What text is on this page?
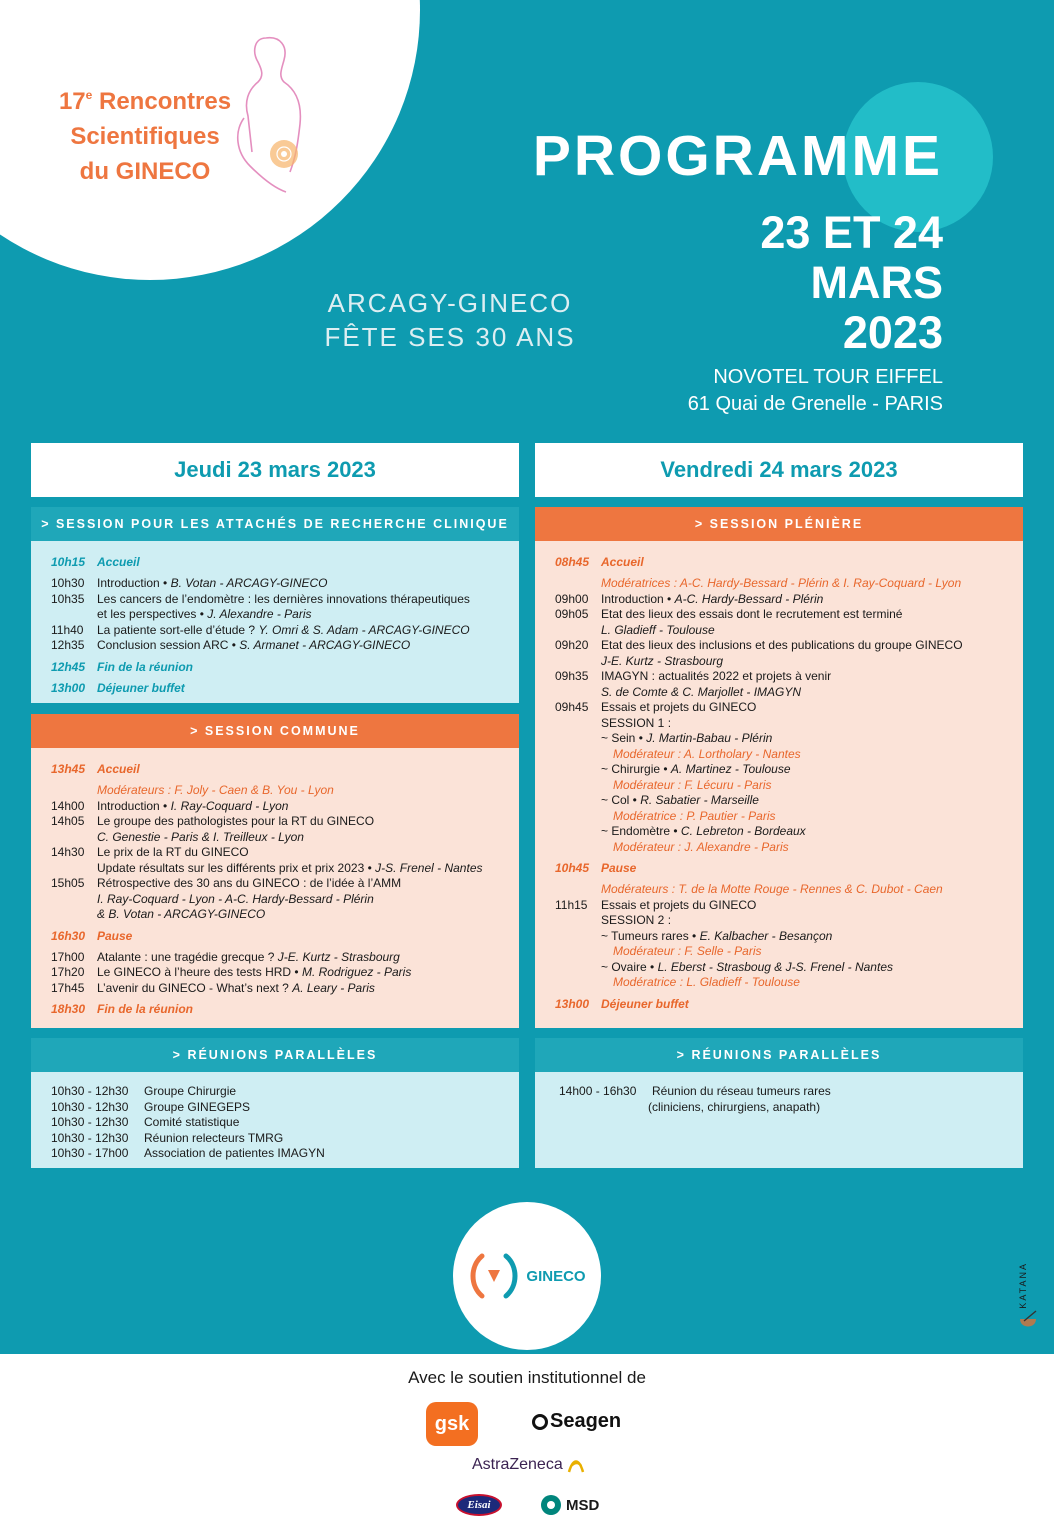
17e Rencontres
Scientifiques
du GINECO	PROGRAMME
23 ET 24
MARS
2023
NOVOTEL TOUR EIFFEL
61 Quai de Grenelle - PARIS
ARCAGY-GINECO
FÊTE SES 30 ANS
Jeudi 23 mars 2023	Vendredi 24 mars 2023
> SESSION POUR LES ATTACHÉS DE RECHERCHE CLINIQUE
10h15 Accueil
10h30	Introduction • B. Votan - ARCAGY-GINECO
10h35	Les cancers de l’endomètre : les dernières innovations thérapeutiques
et les perspectives • J. Alexandre - Paris
11h40	La patiente sort-elle d’étude ? Y. Omri & S. Adam - ARCAGY-GINECO
12h35	Conclusion session ARC • S. Armanet - ARCAGY-GINECO
12h45 Fin de la réunion
13h00 Déjeuner buffet
> SESSION COMMUNE
13h45 Accueil
Modérateurs : F. Joly - Caen & B. You - Lyon
14h00	Introduction • I. Ray-Coquard - Lyon
14h05	Le groupe des pathologistes pour la RT du GINECO
C. Genestie - Paris & I. Treilleux - Lyon
14h30	Le prix de la RT du GINECO
Update résultats sur les différents prix et prix 2023 • J-S. Frenel - Nantes
15h05	Rétrospective des 30 ans du GINECO : de l’idée à l’AMM
I. Ray-Coquard - Lyon - A-C. Hardy-Bessard - Plérin
& B. Votan - ARCAGY-GINECO
16h30 Pause
17h00	Atalante : une tragédie grecque ? J-E. Kurtz - Strasbourg
17h20	Le GINECO à l’heure des tests HRD • M. Rodriguez - Paris
17h45	L’avenir du GINECO - What’s next ? A. Leary - Paris
18h30 Fin de la réunion
> SESSION PLÉNIÈRE
08h45 Accueil
Modératrices : A-C. Hardy-Bessard - Plérin & I. Ray-Coquard - Lyon
09h00	Introduction • A-C. Hardy-Bessard - Plérin
09h05	Etat des lieux des essais dont le recrutement est terminé
L. Gladieff - Toulouse
09h20	Etat des lieux des inclusions et des publications du groupe GINECO
J-E. Kurtz - Strasbourg
09h35	IMAGYN : actualités 2022 et projets à venir
S. de Comte & C. Marjollet - IMAGYN
09h45	Essais et projets du GINECO
SESSION 1 :
~ Sein • J. Martin-Babau - Plérin
Modérateur : A. Lortholary - Nantes
~ Chirurgie • A. Martinez - Toulouse
Modérateur : F. Lécuru - Paris
~ Col • R. Sabatier - Marseille
Modératrice : P. Pautier - Paris
~ Endomètre • C. Lebreton - Bordeaux
Modérateur : J. Alexandre - Paris
10h45 Pause
Modérateurs : T. de la Motte Rouge - Rennes & C. Dubot - Caen
11h15	Essais et projets du GINECO
SESSION 2 :
~ Tumeurs rares • E. Kalbacher - Besançon
Modérateur : F. Selle - Paris
~ Ovaire • L. Eberst - Strasboug & J-S. Frenel - Nantes
Modératrice : L. Gladieff - Toulouse
13h00 Déjeuner buffet
> RÉUNIONS PARALLÈLES
10h30 - 12h30	Groupe Chirurgie
10h30 - 12h30	Groupe GINEGEPS
10h30 - 12h30	Comité statistique
10h30 - 12h30	Réunion relecteurs TMRG
10h30 - 17h00	Association de patientes IMAGYN
> RÉUNIONS PARALLÈLES
14h00 - 16h30	Réunion du réseau tumeurs rares
(cliniciens, chirurgiens, anapath)
GINECO	KATANA
Avec le soutien institutionnel de
gsk	Seagen
AstraZeneca
Eisai	MSD
